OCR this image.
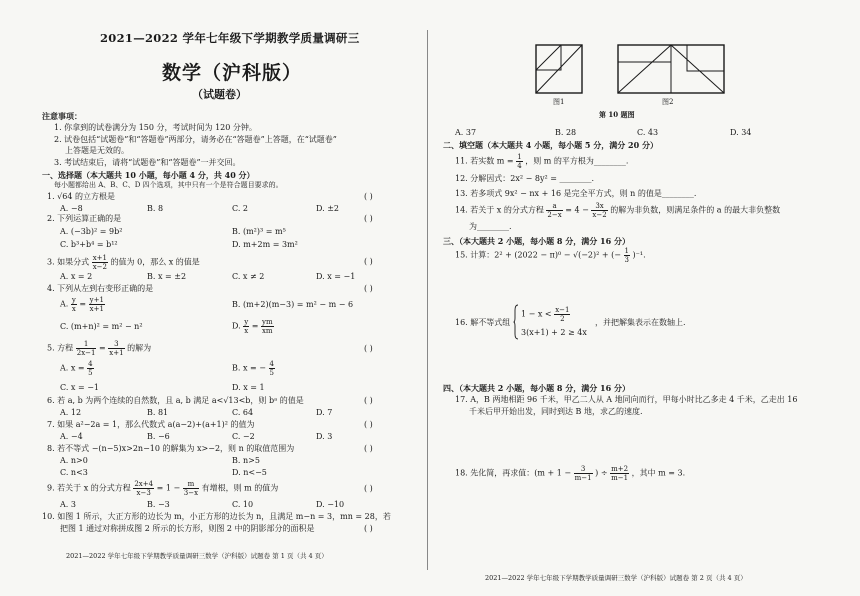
2021—2022 学年七年级下学期教学质量调研三
数学（沪科版）
（试题卷）
注意事项：
1. 你拿到的试卷满分为 150 分，考试时间为 120 分钟。
2. 试卷包括“试题卷”和“答题卷”两部分，请务必在“答题卷”上答题，在“试题卷”
上答题是无效的。
3. 考试结束后，请将“试题卷”和“答题卷”一并交回。
一、选择题（本大题共 10 小题，每小题 4 分，共 40 分）
每小题都给出 A、B、C、D 四个选项，其中只有一个是符合题目要求的。
1. √64 的立方根是	( )
A. −8	B. 8	C. 2	D. ±2
2. 下列运算正确的是	( )
A. (−3b)² = 9b²	B. (m²)³ = m⁵
C. b³+b⁴ = b¹²	D. m+2m = 3m²
3. 如果分式 $\frac{x+1}{x-2}$ 的值为 0，那么 x 的值是	( )
A. x = 2	B. x = ±2	C. x ≠ 2	D. x = −1
4. 下列从左到右变形正确的是	( )
A. $\frac{y}{x} = \frac{y+1}{x+1}$	B. (m+2)(m−3) = m² − m − 6
C. (m+n)² = m² − n²	D. $\frac{y}{x} = \frac{ym}{xm}$
5. 方程 $\frac{1}{2x-1} = \frac{3}{x+1}$ 的解为	( )
A. $x = \frac{4}{5}$	B. x = − $\frac{4}{5}$
C. x = −1	D. x = 1
6. 若 a, b 为两个连续的自然数，且 a, b 满足 a<√13<b，则 bᵃ 的值是	( )
A. 12	B. 81	C. 64	D. 7
7. 如果 a²−2a = 1，那么代数式 a(a−2)+(a+1)² 的值为	( )
A. −4	B. −6	C. −2	D. 3
8. 若不等式 −(n−5)x>2n−10 的解集为 x>−2，则 n 的取值范围为	( )
A. n>0	B. n>5
C. n<3	D. n<−5
9. 若关于 x 的分式方程 $\frac{2x+4}{x-3} = 1 - \frac{m}{3-x}$ 有增根，则 m 的值为	( )
A. 3	B. −3	C. 10	D. −10
10. 如图 1 所示，大正方形的边长为 m，小正方形的边长为 n，且满足 m−n = 3，mn = 28，若
把图 1 通过对称拼成图 2 所示的长方形，则图 2 中的阴影部分的面积是	( )
2021—2022 学年七年级下学期教学质量调研三数学（沪科版）试题卷 第 1 页（共 4 页）
图1	图2
第 10 题图
A. 37	B. 28	C. 43	D. 34
二、填空题（本大题共 4 小题，每小题 5 分，满分 20 分）
11. 若实数 $m = \frac{1}{4}$ ，则 m 的平方根为________.
12. 分解因式：2x² − 8y² = ________.
13. 若多项式 9x² − nx + 16 是完全平方式，则 n 的值是________.
14. 若关于 x 的分式方程 $\frac{a}{2-x} = 4 - \frac{3x}{x-2}$ 的解为非负数，则满足条件的 a 的最大非负整数
为________.
三、（本大题共 2 小题，每小题 8 分，满分 16 分）
15. 计算：2² + (2022 − π)⁰ − √(−2)² + (− $\frac{1}{3} )^{-1}$.
16. 解不等式组
$1 - x < \frac{x-1}{2}$
3(x+1) + 2 ≥ 4x
，并把解集表示在数轴上.
四、（本大题共 2 小题，每小题 8 分，满分 16 分）
17. A，B 两地相距 96 千米，甲乙二人从 A 地同向而行，甲每小时比乙多走 4 千米，乙走出 16
千米后甲开始出发，同时到达 B 地，求乙的速度.
18. 先化简，再求值：($m + 1 - \frac{3}{m-1}$ ) ÷ $\frac{m+2}{m-1}$ ，其中 m = 3.
2021—2022 学年七年级下学期教学质量调研三数学（沪科版）试题卷 第 2 页（共 4 页）
